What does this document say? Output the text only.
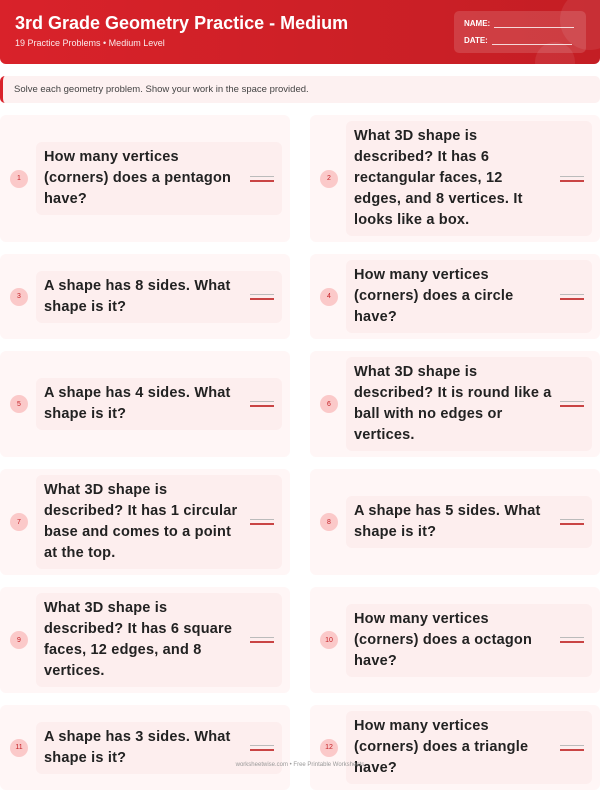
3rd Grade Geometry Practice - Medium
19 Practice Problems • Medium Level
NAME:
DATE:
Solve each geometry problem. Show your work in the space provided.
1

How many vertices (corners) does a pentagon have?

2

What 3D shape is described? It has 6 rectangular faces, 12 edges, and 8 vertices. It looks like a box.

3

A shape has 8 sides. What shape is it?

4

How many vertices (corners) does a circle have?

5

A shape has 4 sides. What shape is it?

6

What 3D shape is described? It is round like a ball with no edges or vertices.

7

What 3D shape is described? It has 1 circular base and comes to a point at the top.

8

A shape has 5 sides. What shape is it?

9

What 3D shape is described? It has 6 square faces, 12 edges, and 8 vertices.

10

How many vertices (corners) does a octagon have?

11

A shape has 3 sides. What shape is it?

12

How many vertices (corners) does a triangle have?

worksheetwise.com • Free Printable Worksheets
